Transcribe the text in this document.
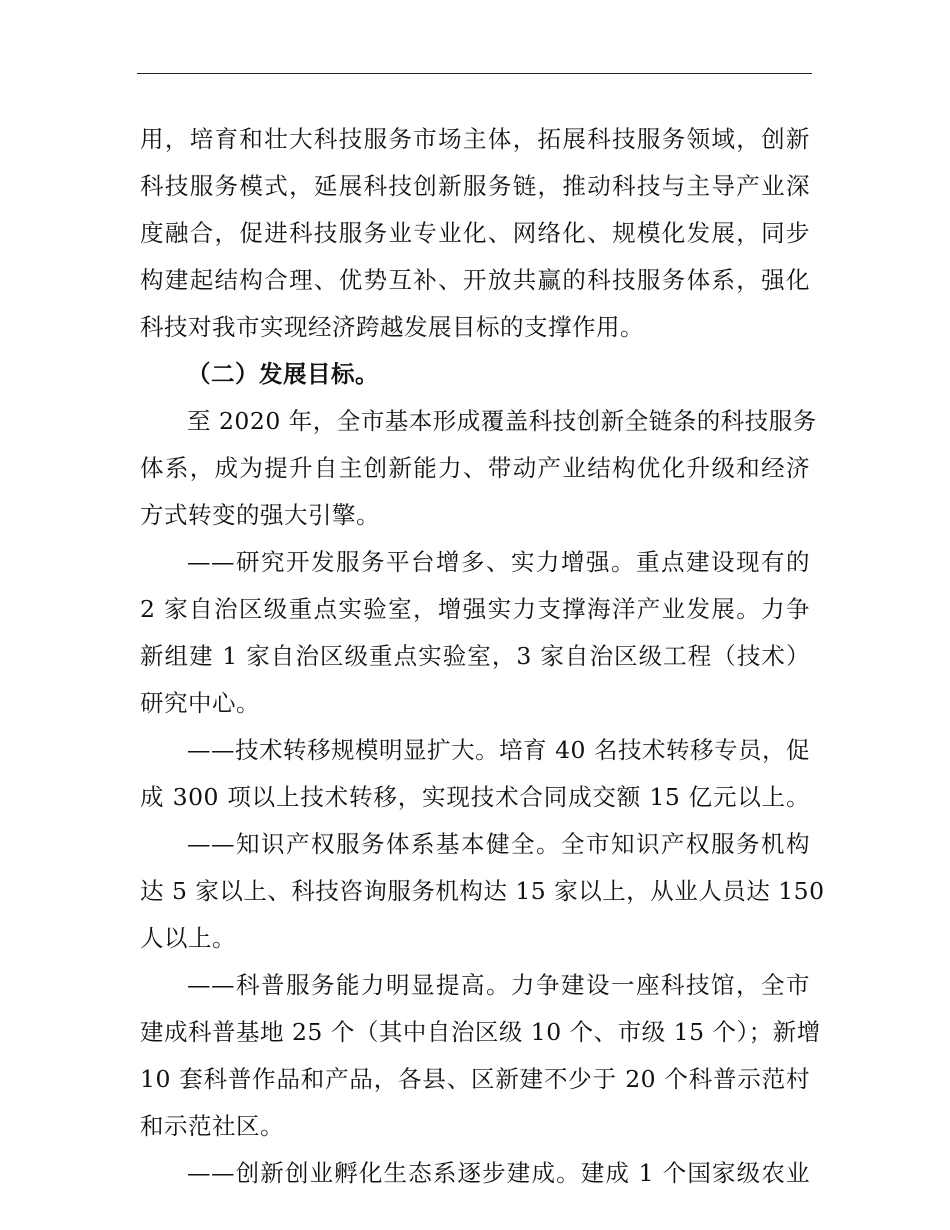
用，培育和壮大科技服务市场主体，拓展科技服务领域，创新
科技服务模式，延展科技创新服务链，推动科技与主导产业深
度融合，促进科技服务业专业化、网络化、规模化发展，同步
构建起结构合理、优势互补、开放共赢的科技服务体系，强化
科技对我市实现经济跨越发展目标的支撑作用。
（二）发展目标。
至 2020 年，全市基本形成覆盖科技创新全链条的科技服务
体系，成为提升自主创新能力、带动产业结构优化升级和经济
方式转变的强大引擎。
——研究开发服务平台增多、实力增强。重点建设现有的
2 家自治区级重点实验室，增强实力支撑海洋产业发展。力争
新组建 1 家自治区级重点实验室，3 家自治区级工程（技术）
研究中心。
——技术转移规模明显扩大。培育 40 名技术转移专员，促
成 300 项以上技术转移，实现技术合同成交额 15 亿元以上。
——知识产权服务体系基本健全。全市知识产权服务机构
达 5 家以上、科技咨询服务机构达 15 家以上，从业人员达 150
人以上。
——科普服务能力明显提高。力争建设一座科技馆，全市
建成科普基地 25 个（其中自治区级 10 个、市级 15 个）；新增
10 套科普作品和产品，各县、区新建不少于 20 个科普示范村
和示范社区。
——创新创业孵化生态系逐步建成。建成 1 个国家级农业
